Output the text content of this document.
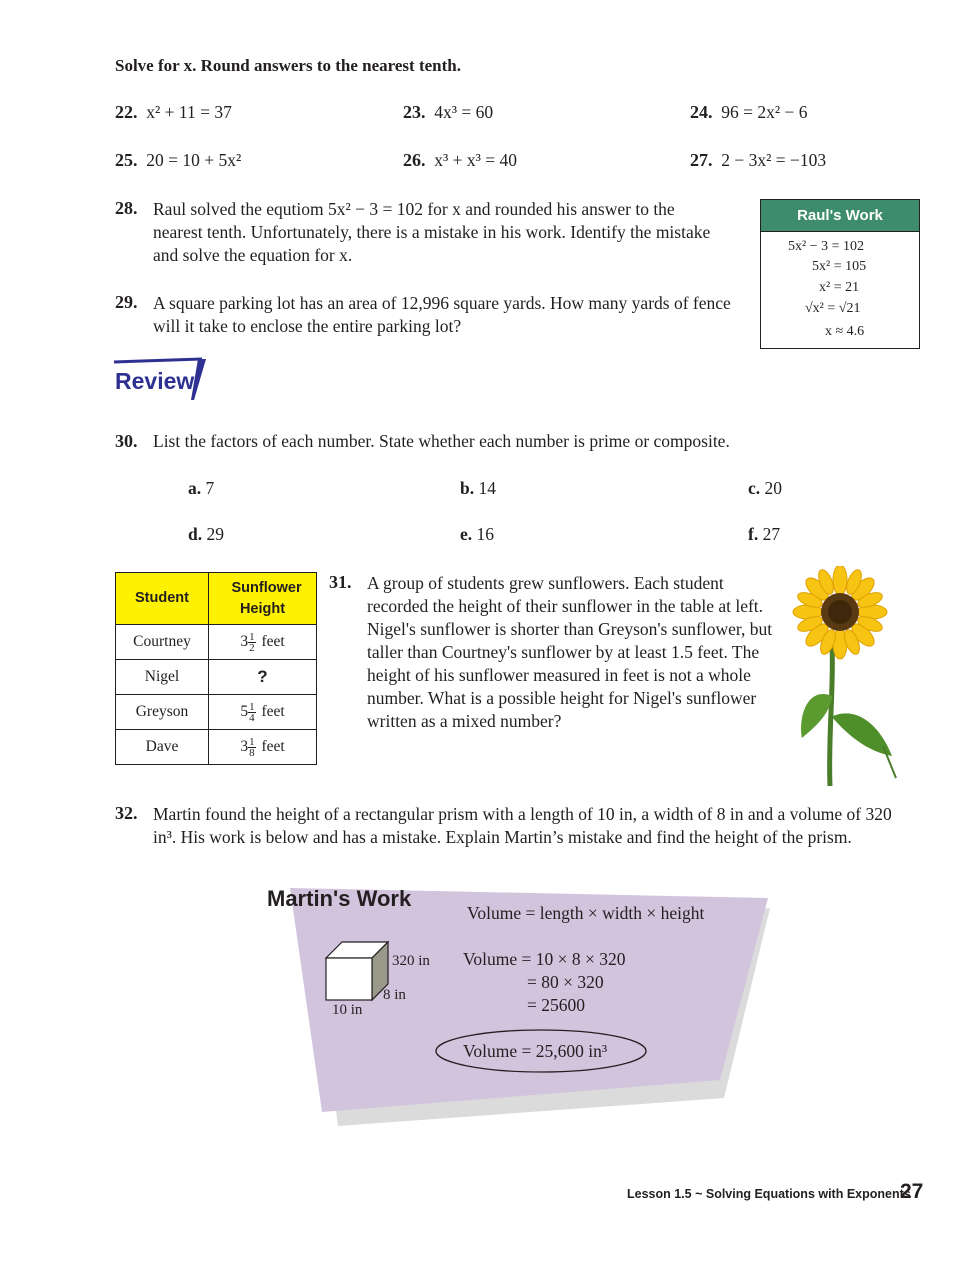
Solve for x. Round answers to the nearest tenth.
22. x² + 11 = 37	23. 4x³ = 60	24. 96 = 2x² − 6
25. 20 = 10 + 5x²	26. x³ + x³ = 40	27. 2 − 3x² = −103
28. Raul solved the equtiom 5x² − 3 = 102 for x and rounded his answer to the nearest tenth. Unfortunately, there is a mistake in his work. Identify the mistake and solve the equation for x.
29. A square parking lot has an area of 12,996 square yards. How many yards of fence will it take to enclose the entire parking lot?
Raul's Work
5x² − 3 = 102
5x² = 105
x² = 21
√x² = √21
x ≈ 4.6
Review
30. List the factors of each number. State whether each number is prime or composite.
a. 7	b. 14	c. 20
d. 29	e. 16	f. 27
Student	Sunflower Height

Courtney	$3 \frac{1}{2}$ feet
Nigel	?
Greyson	$5 \frac{1}{4}$ feet
Dave	$3 \frac{1}{8}$ feet
31. A group of students grew sunflowers. Each student recorded the height of their sunflower in the table at left. Nigel's sunflower is shorter than Greyson's sunflower, but taller than Courtney's sunflower by at least 1.5 feet. The height of his sunflower measured in feet is not a whole number. What is a possible height for Nigel's sunflower written as a mixed number?
32. Martin found the height of a rectangular prism with a length of 10 in, a width of 8 in and a volume of 320 in³. His work is below and has a mistake. Explain Martin’s mistake and find the height of the prism.
Martin's Work
Volume = length × width × height
320 in
8 in
10 in
Volume = 10 × 8 × 320
= 80 × 320
= 25600
Volume = 25,600 in³
Lesson 1.5 ~ Solving Equations with Exponents
27
